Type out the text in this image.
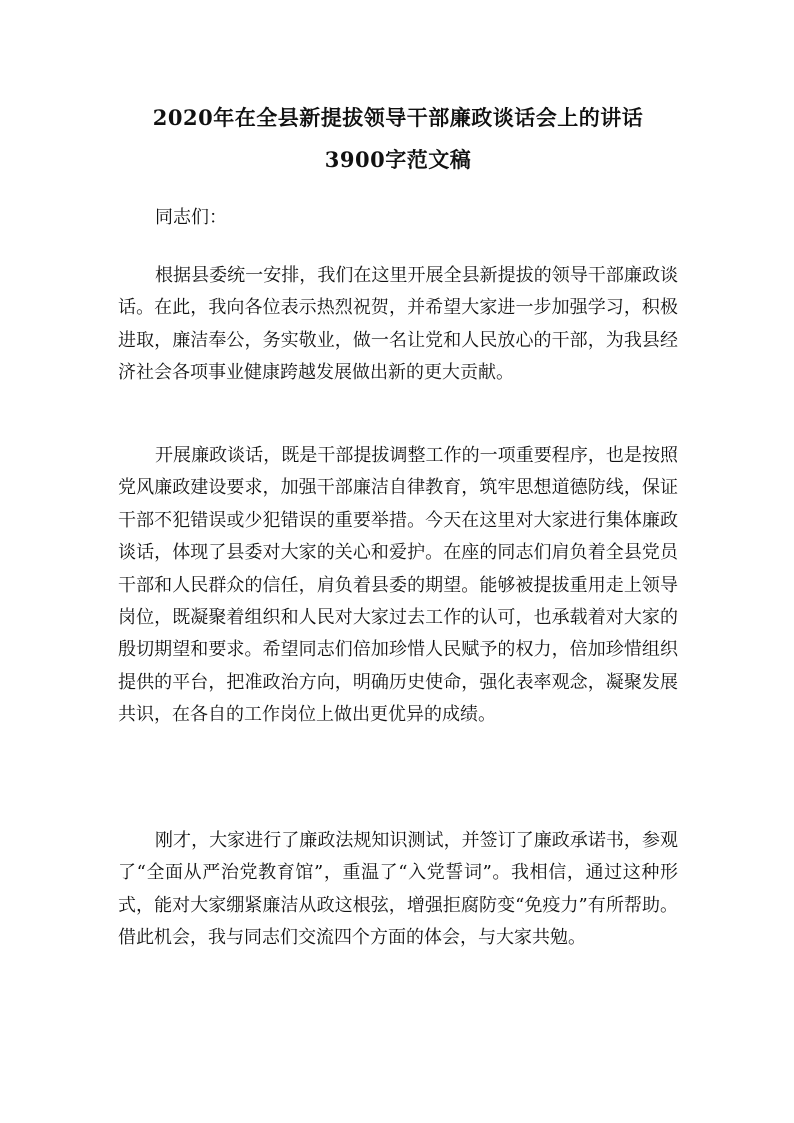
2020年在全县新提拔领导干部廉政谈话会上的讲话
3900字范文稿

同志们：

根据县委统一安排，我们在这里开展全县新提拔的领导干部廉政谈话。在此，我向各位表示热烈祝贺，并希望大家进一步加强学习，积极进取，廉洁奉公，务实敬业，做一名让党和人民放心的干部，为我县经济社会各项事业健康跨越发展做出新的更大贡献。

开展廉政谈话，既是干部提拔调整工作的一项重要程序，也是按照党风廉政建设要求，加强干部廉洁自律教育，筑牢思想道德防线，保证干部不犯错误或少犯错误的重要举措。今天在这里对大家进行集体廉政谈话，体现了县委对大家的关心和爱护。在座的同志们肩负着全县党员干部和人民群众的信任，肩负着县委的期望。能够被提拔重用走上领导岗位，既凝聚着组织和人民对大家过去工作的认可，也承载着对大家的殷切期望和要求。希望同志们倍加珍惜人民赋予的权力，倍加珍惜组织提供的平台，把准政治方向，明确历史使命，强化表率观念，凝聚发展共识，在各自的工作岗位上做出更优异的成绩。

刚才，大家进行了廉政法规知识测试，并签订了廉政承诺书，参观了“全面从严治党教育馆”，重温了“入党誓词”。我相信，通过这种形式，能对大家绷紧廉洁从政这根弦，增强拒腐防变“免疫力”有所帮助。借此机会，我与同志们交流四个方面的体会，与大家共勉。
